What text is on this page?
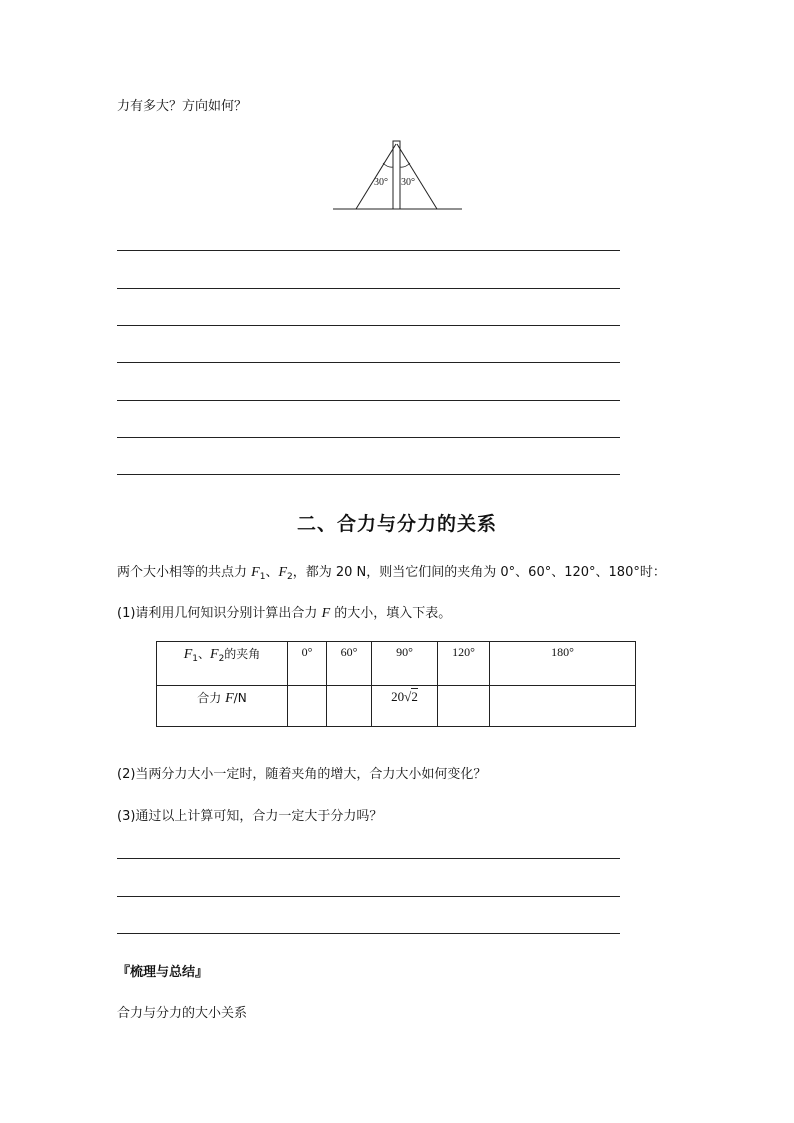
力有多大？方向如何？
30° 30°
二、合力与分力的关系
两个大小相等的共点力 $F_1$、$F_2$，都为 20 N，则当它们间的夹角为 0°、60°、120°、180°时：
(1)请利用几何知识分别计算出合力 F 的大小，填入下表。
$F_1$、$F_2$的夹角	0°	60°	90°	120°	180°
合力 F/N			20√2		
(2)当两分力大小一定时，随着夹角的增大，合力大小如何变化？
(3)通过以上计算可知，合力一定大于分力吗？
『梳理与总结』
合力与分力的大小关系
